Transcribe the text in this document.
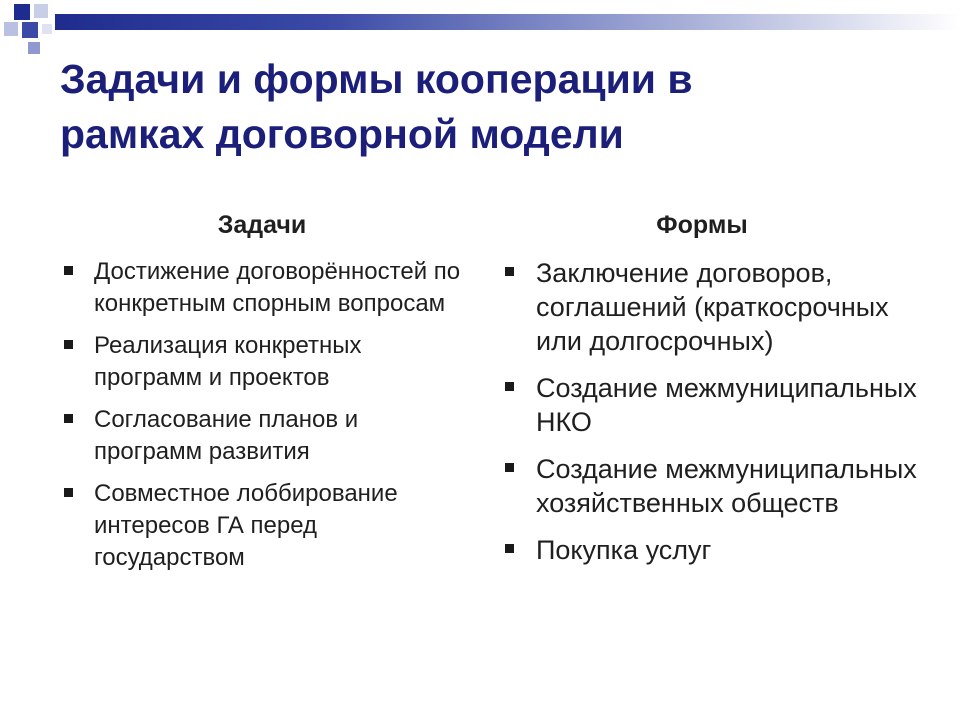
Задачи и формы кооперации в
рамках договорной модели
Задачи
Достижение договорённостей по конкретным спорным вопросам
Реализация конкретных программ и проектов
Согласование планов и программ развития
Совместное лоббирование интересов ГА перед государством
Формы
Заключение договоров, соглашений (краткосрочных или долгосрочных)
Создание межмуниципальных НКО
Создание межмуниципальных хозяйственных обществ
Покупка услуг
